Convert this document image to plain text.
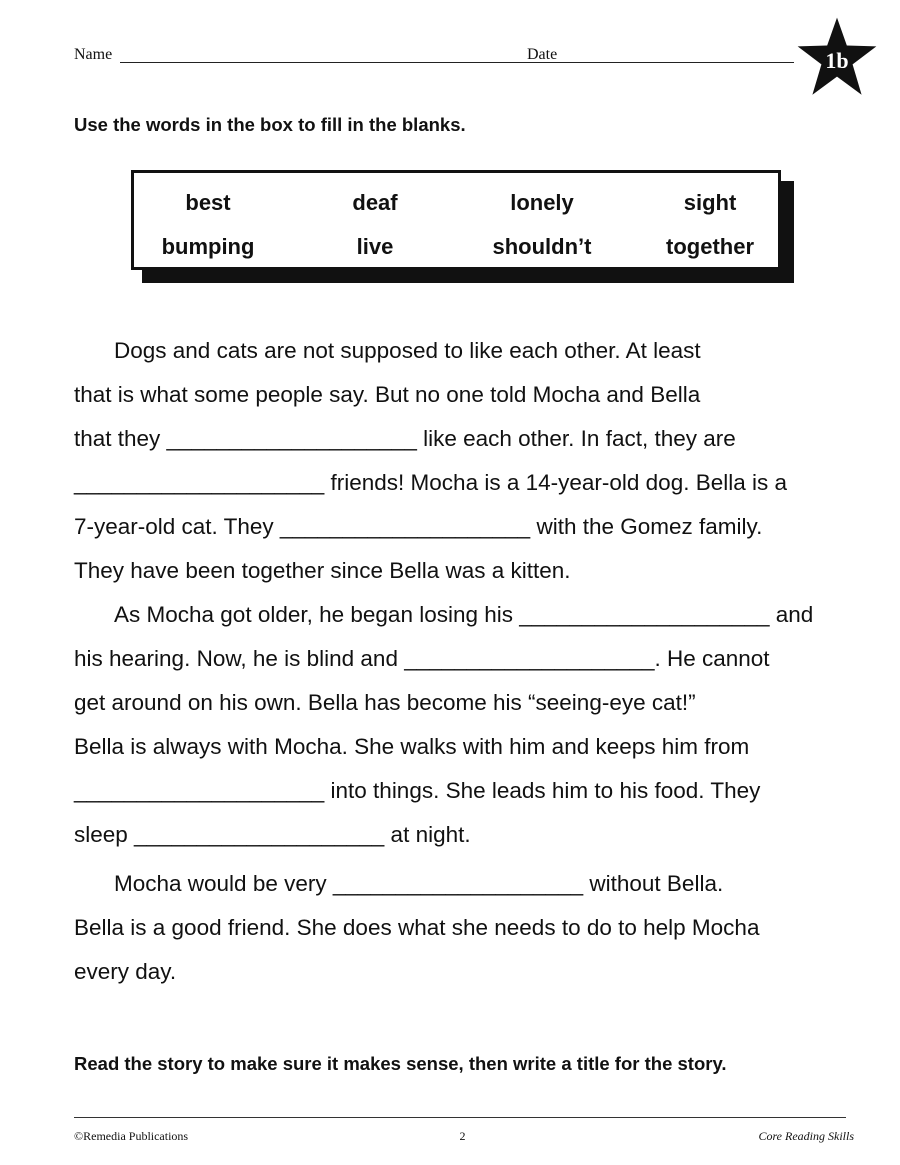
Name	Date	1b
Use the words in the box to fill in the blanks.
best	deaf	lonely	sight
bumping	live	shouldn’t	together
Dogs and cats are not supposed to like each other. At least
that is what some people say. But no one told Mocha and Bella
that they ____________________ like each other. In fact, they are
____________________ friends! Mocha is a 14-year-old dog. Bella is a
7-year-old cat. They ____________________ with the Gomez family.
They have been together since Bella was a kitten.
As Mocha got older, he began losing his ____________________ and
his hearing. Now, he is blind and ____________________. He cannot
get around on his own. Bella has become his “seeing-eye cat!”
Bella is always with Mocha. She walks with him and keeps him from
____________________ into things. She leads him to his food. They
sleep ____________________ at night.
Mocha would be very ____________________ without Bella.
Bella is a good friend. She does what she needs to do to help Mocha
every day.
Read the story to make sure it makes sense, then write a title for the story.
©Remedia Publications	2	Core Reading Skills
